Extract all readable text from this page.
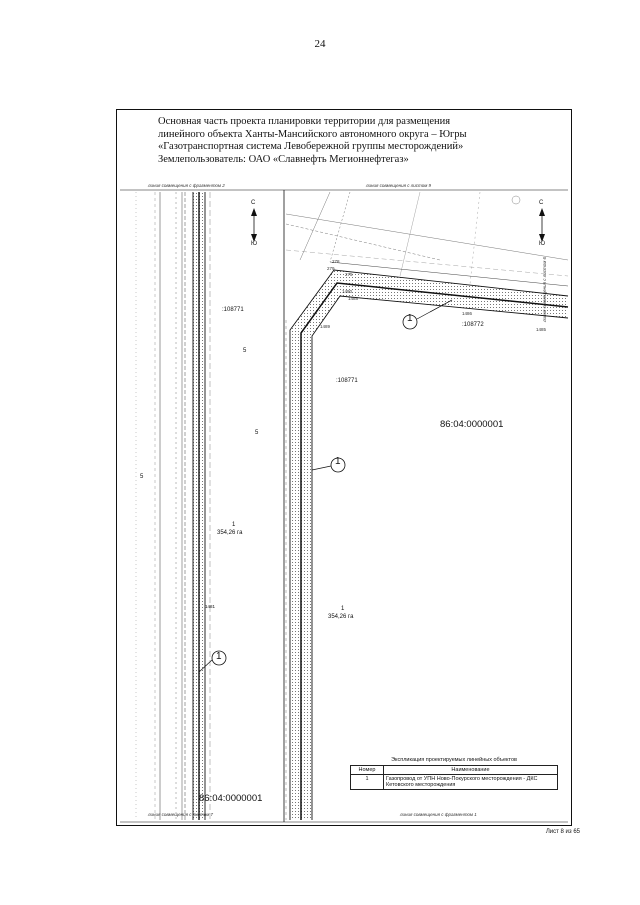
24
Основная часть проекта планировки территории для размещения
линейного объекта Ханты-Мансийского автономного округа – Югры
«Газотранспортная система Левобережной группы месторождений»
Землепользователь: ОАО «Славнефть Мегионнефтегаз»
линия совмещения с фрагментом 2	линия совмещения с листом 9
линия совмещения с листом 7	линия совмещения с фрагментом 1
линия совмещения с листом 6
С
Ю
С
Ю
:108771
5
5
5
1
354,26 га
1481
1
86:04:0000001
:108771
:108772
86:04:0000001
1
354,26 га
1490
1488
1489
1486
1485
275
279
278
1
1
Экспликация проектируемых линейных объектов
Номер	Наименование
1	Газопровод от УПН Ново-Покурского месторождения - ДКС Кетовского месторождения
Лист 8 из 65
